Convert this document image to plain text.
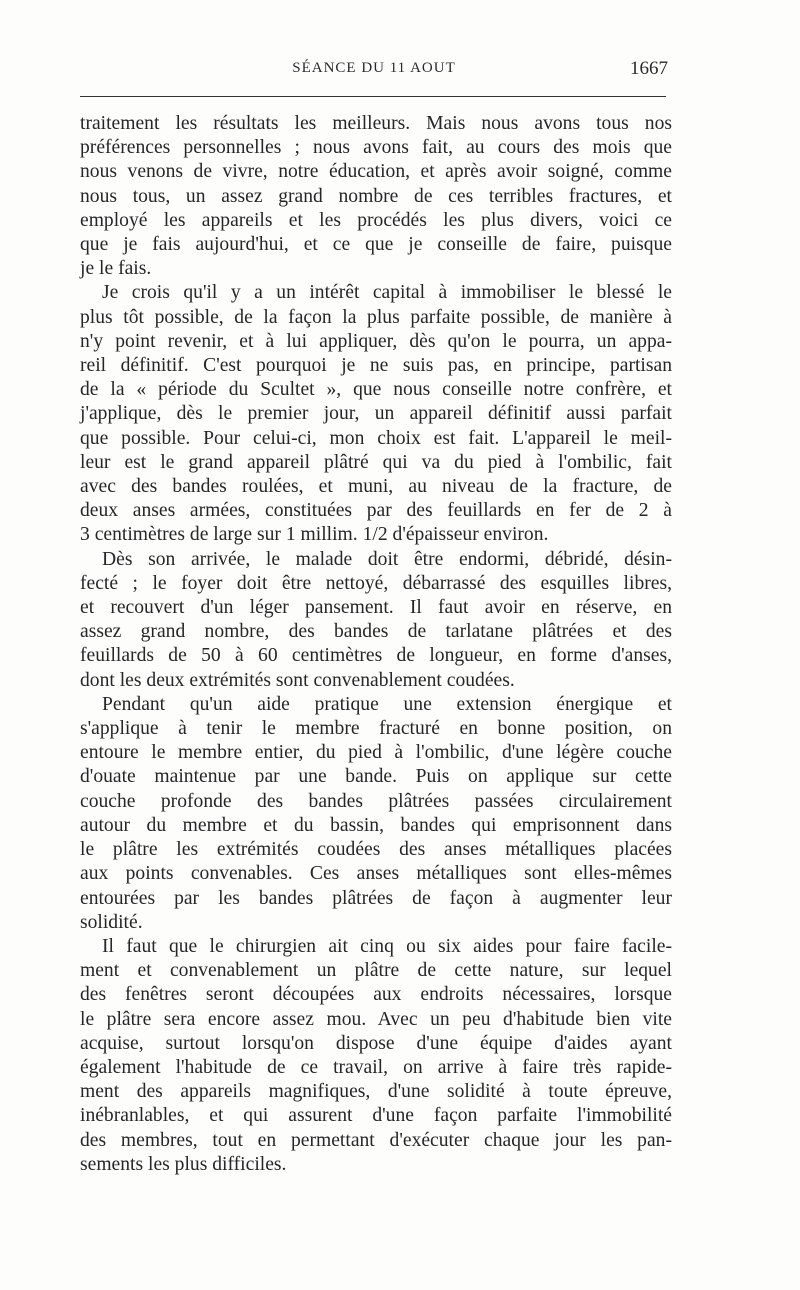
SÉANCE DU 11 AOUT	1667
traitement les résultats les meilleurs. Mais nous avons tous nos
préférences personnelles ; nous avons fait, au cours des mois que
nous venons de vivre, notre éducation, et après avoir soigné, comme
nous tous, un assez grand nombre de ces terribles fractures, et
employé les appareils et les procédés les plus divers, voici ce
que je fais aujourd'hui, et ce que je conseille de faire, puisque
je le fais.
Je crois qu'il y a un intérêt capital à immobiliser le blessé le
plus tôt possible, de la façon la plus parfaite possible, de manière à
n'y point revenir, et à lui appliquer, dès qu'on le pourra, un appa-
reil définitif. C'est pourquoi je ne suis pas, en principe, partisan
de la « période du Scultet », que nous conseille notre confrère, et
j'applique, dès le premier jour, un appareil définitif aussi parfait
que possible. Pour celui-ci, mon choix est fait. L'appareil le meil-
leur est le grand appareil plâtré qui va du pied à l'ombilic, fait
avec des bandes roulées, et muni, au niveau de la fracture, de
deux anses armées, constituées par des feuillards en fer de 2 à
3 centimètres de large sur 1 millim. 1/2 d'épaisseur environ.
Dès son arrivée, le malade doit être endormi, débridé, désin-
fecté ; le foyer doit être nettoyé, débarrassé des esquilles libres,
et recouvert d'un léger pansement. Il faut avoir en réserve, en
assez grand nombre, des bandes de tarlatane plâtrées et des
feuillards de 50 à 60 centimètres de longueur, en forme d'anses,
dont les deux extrémités sont convenablement coudées.
Pendant qu'un aide pratique une extension énergique et
s'applique à tenir le membre fracturé en bonne position, on
entoure le membre entier, du pied à l'ombilic, d'une légère couche
d'ouate maintenue par une bande. Puis on applique sur cette
couche profonde des bandes plâtrées passées circulairement
autour du membre et du bassin, bandes qui emprisonnent dans
le plâtre les extrémités coudées des anses métalliques placées
aux points convenables. Ces anses métalliques sont elles-mêmes
entourées par les bandes plâtrées de façon à augmenter leur
solidité.
Il faut que le chirurgien ait cinq ou six aides pour faire facile-
ment et convenablement un plâtre de cette nature, sur lequel
des fenêtres seront découpées aux endroits nécessaires, lorsque
le plâtre sera encore assez mou. Avec un peu d'habitude bien vite
acquise, surtout lorsqu'on dispose d'une équipe d'aides ayant
également l'habitude de ce travail, on arrive à faire très rapide-
ment des appareils magnifiques, d'une solidité à toute épreuve,
inébranlables, et qui assurent d'une façon parfaite l'immobilité
des membres, tout en permettant d'exécuter chaque jour les pan-
sements les plus difficiles.
